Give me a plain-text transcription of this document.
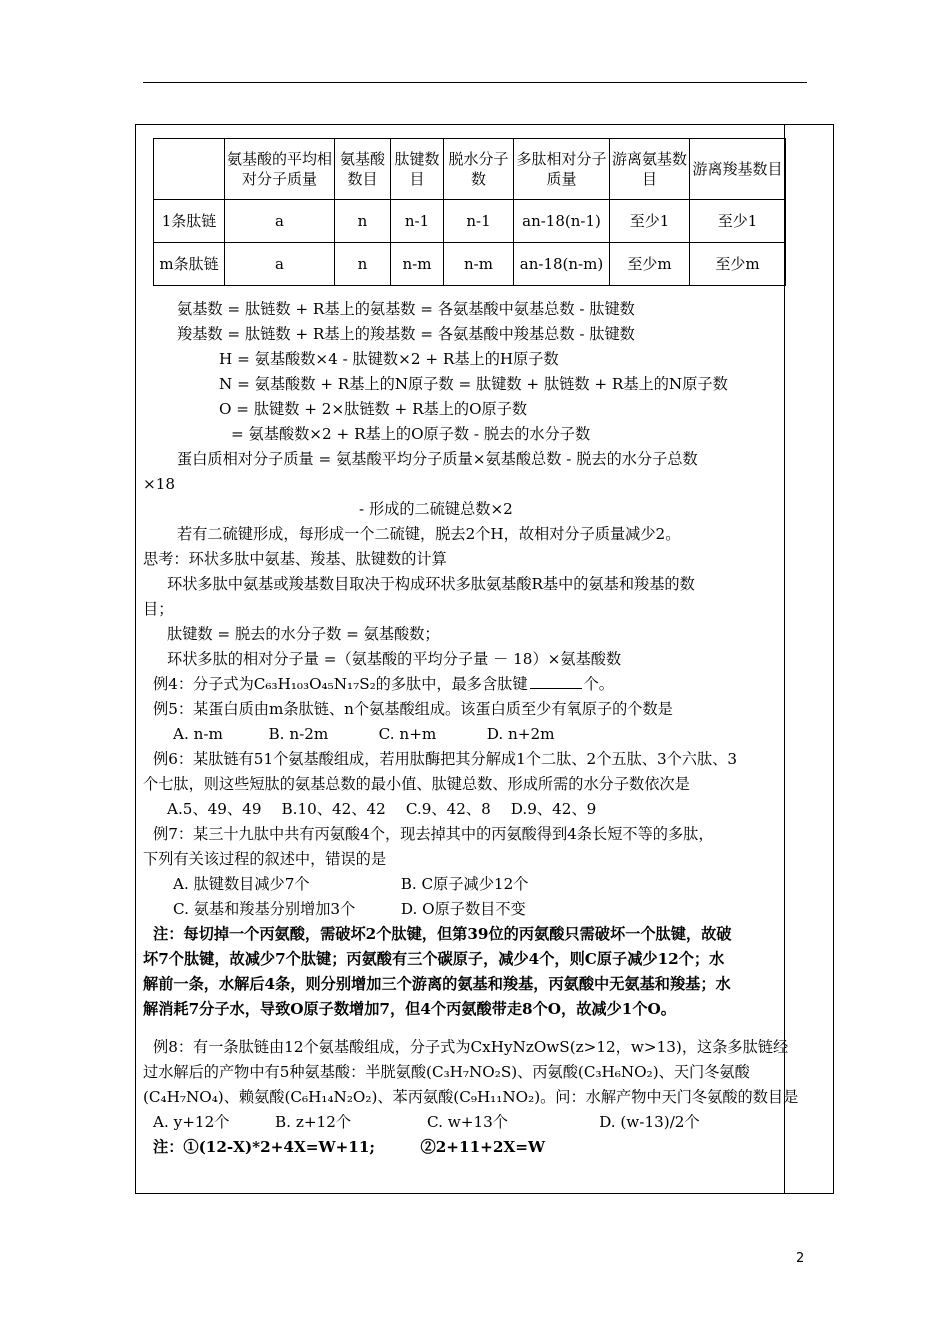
	氨基酸的平均相对分子质量	氨基酸数目	肽键数目	脱水分子数	多肽相对分子质量	游离氨基数目	游离羧基数目
1条肽链	a	n	n-1	n-1	an-18(n-1)	至少1	至少1
m条肽链	a	n	n-m	n-m	an-18(n-m)	至少m	至少m
氨基数 = 肽链数 + R基上的氨基数 = 各氨基酸中氨基总数 - 肽键数
羧基数 = 肽链数 + R基上的羧基数 = 各氨基酸中羧基总数 - 肽键数
H = 氨基酸数×4 - 肽键数×2 + R基上的H原子数
N = 氨基酸数 + R基上的N原子数 = 肽键数 + 肽链数 + R基上的N原子数
O = 肽键数 + 2×肽链数 + R基上的O原子数
= 氨基酸数×2 + R基上的O原子数 - 脱去的水分子数
蛋白质相对分子质量 = 氨基酸平均分子质量×氨基酸总数 - 脱去的水分子总数
×18
- 形成的二硫键总数×2
若有二硫键形成，每形成一个二硫键，脱去2个H，故相对分子质量减少2。
思考：环状多肽中氨基、羧基、肽键数的计算
环状多肽中氨基或羧基数目取决于构成环状多肽氨基酸R基中的氨基和羧基的数
目；
肽键数 = 脱去的水分子数 = 氨基酸数；
环状多肽的相对分子量 =（氨基酸的平均分子量 － 18）×氨基酸数
例4：分子式为C₆₃H₁₀₃O₄₅N₁₇S₂的多肽中，最多含肽键	个。
例5：某蛋白质由m条肽链、n个氨基酸组成。该蛋白质至少有氧原子的个数是
A. n-m　　　B. n-2m　　　 C. n+m　　　 D. n+2m
例6：某肽链有51个氨基酸组成，若用肽酶把其分解成1个二肽、2个五肽、3个六肽、3
个七肽，则这些短肽的氨基总数的最小值、肽键总数、形成所需的水分子数依次是
A.5、49、49　 B.10、42、42　 C.9、42、8　 D.9、42、9
例7：某三十九肽中共有丙氨酸4个，现去掉其中的丙氨酸得到4条长短不等的多肽，
下列有关该过程的叙述中，错误的是
A. 肽键数目减少7个　　　　　　B. C原子减少12个
C. 氨基和羧基分别增加3个　　　D. O原子数目不变
注：每切掉一个丙氨酸，需破坏2个肽键，但第39位的丙氨酸只需破坏一个肽键，故破
坏7个肽键，故减少7个肽键；丙氨酸有三个碳原子，减少4个，则C原子减少12个；水
解前一条，水解后4条，则分别增加三个游离的氨基和羧基，丙氨酸中无氨基和羧基；水
解消耗7分子水，导致O原子数增加7，但4个丙氨酸带走8个O，故减少1个O。
例8：有一条肽链由12个氨基酸组成，分子式为CxHyNzOwS(z>12，w>13)，这条多肽链经
过水解后的产物中有5种氨基酸：半胱氨酸(C₃H₇NO₂S)、丙氨酸(C₃H₆NO₂)、天门冬氨酸
(C₄H₇NO₄)、赖氨酸(C₆H₁₄N₂O₂)、苯丙氨酸(C₉H₁₁NO₂)。问：水解产物中天门冬氨酸的数目是
A. y+12个　　　B. z+12个　　　　　C. w+13个　　　　　　D. (w-13)/2个
注：①(12-X)*2+4X=W+11;　　　②2+11+2X=W
2
